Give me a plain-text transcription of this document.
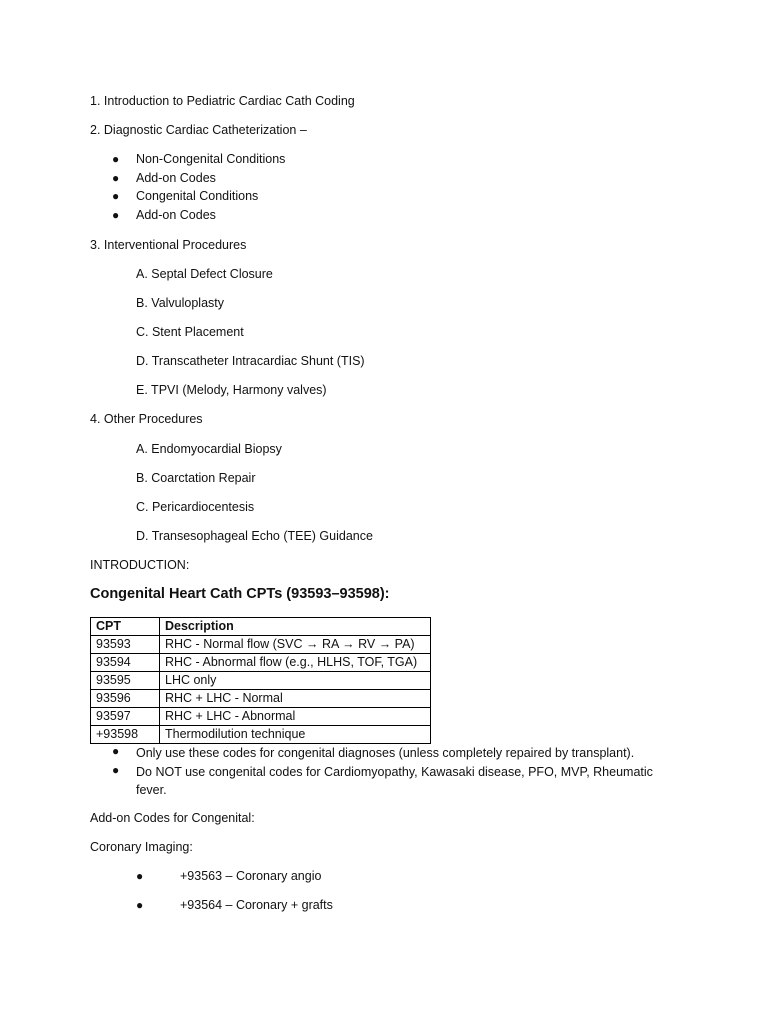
1. Introduction to Pediatric Cardiac Cath Coding
2. Diagnostic Cardiac Catheterization –
● Non-Congenital Conditions
● Add-on Codes
● Congenital Conditions
● Add-on Codes
3. Interventional Procedures
A. Septal Defect Closure
B. Valvuloplasty
C. Stent Placement
D. Transcatheter Intracardiac Shunt (TIS)
E. TPVI (Melody, Harmony valves)
4. Other Procedures
A. Endomyocardial Biopsy
B. Coarctation Repair
C. Pericardiocentesis
D. Transesophageal Echo (TEE) Guidance
INTRODUCTION:
Congenital Heart Cath CPTs (93593–93598):
CPT	Description
93593	RHC - Normal flow (SVC → RA → RV → PA)
93594	RHC - Abnormal flow (e.g., HLHS, TOF, TGA)
93595	LHC only
93596	RHC + LHC - Normal
93597	RHC + LHC - Abnormal
+93598	Thermodilution technique
●	Only use these codes for congenital diagnoses (unless completely repaired by transplant).
●	Do NOT use congenital codes for Cardiomyopathy, Kawasaki disease, PFO, MVP, Rheumatic fever.
Add-on Codes for Congenital:
Coronary Imaging:
●	+93563 – Coronary angio
●	+93564 – Coronary + grafts
